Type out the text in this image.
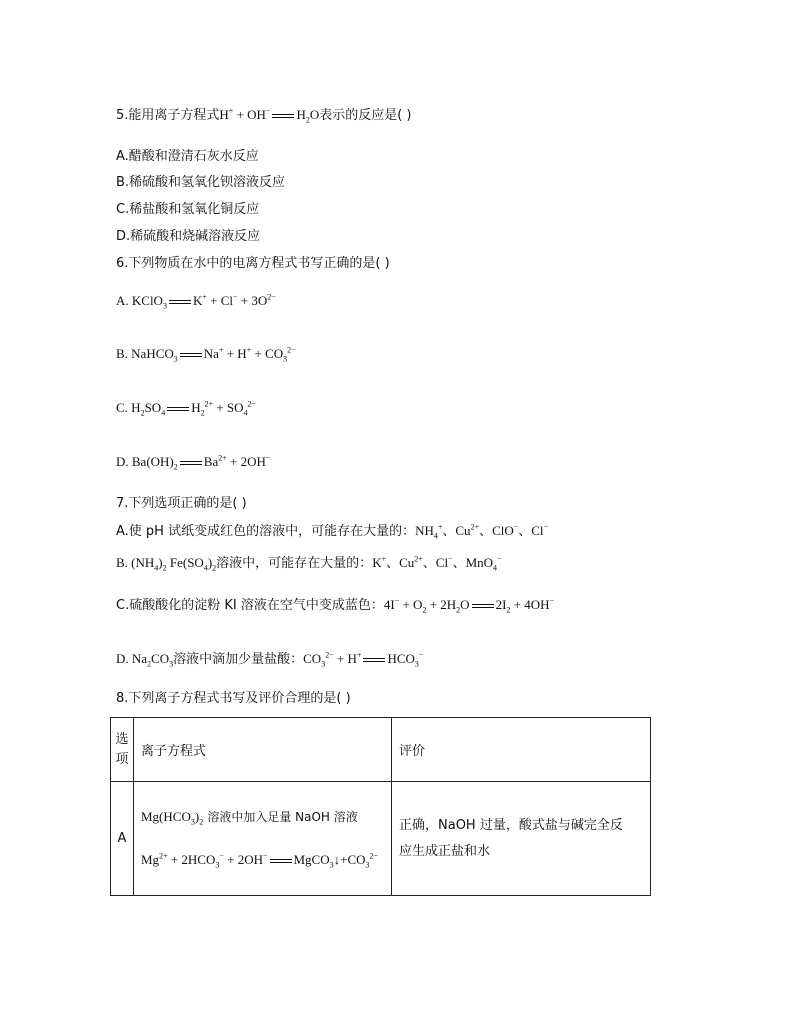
5.能用离子方程式H+ + OH− $H_2O$表示的反应是( )
A.醋酸和澄清石灰水反应
B.稀硫酸和氢氧化钡溶液反应
C.稀盐酸和氢氧化铜反应
D.稀硫酸和烧碱溶液反应
6.下列物质在水中的电离方程式书写正确的是( )
A. KClO$_3$ $K^+ + Cl^- + 3O^{2-}$
B. NaHCO$_3$ $Na^+ + H^+ + CO_3^{2-}$
C. $H_2SO_4$ $H_2^{2+} + SO_4^{2-}$
D. $Ba(OH)_2$ $Ba^{2+} + 2OH^-$
7.下列选项正确的是( )
A.使 pH 试纸变成红色的溶液中，可能存在大量的：$NH_4^+$、$Cu^{2+}$、ClO−、Cl−
B. $(NH_4)_2$ $Fe(SO_4)_2$溶液中，可能存在大量的：K+、$Cu^{2+}$、Cl−、MnO$_4$−
C.硫酸酸化的淀粉 KI 溶液在空气中变成蓝色：$4I^- + O_2 + 2H_2O$ $2I_2 + 4OH^-$
D. $Na_2CO_3$溶液中滴加少量盐酸：$CO_3^{2-} + H^+$ $HCO_3^-$
8.下列离子方程式书写及评价合理的是( )
选项	离子方程式	评价
A	$Mg(HCO_3)_2$ 溶液中加入足量 NaOH 溶液
$Mg^{2+} + 2HCO_3^- + 2OH^-$ $MgCO_3↓+CO_3^{2-}$	正确，NaOH 过量，酸式盐与碱完全反应生成正盐和水
